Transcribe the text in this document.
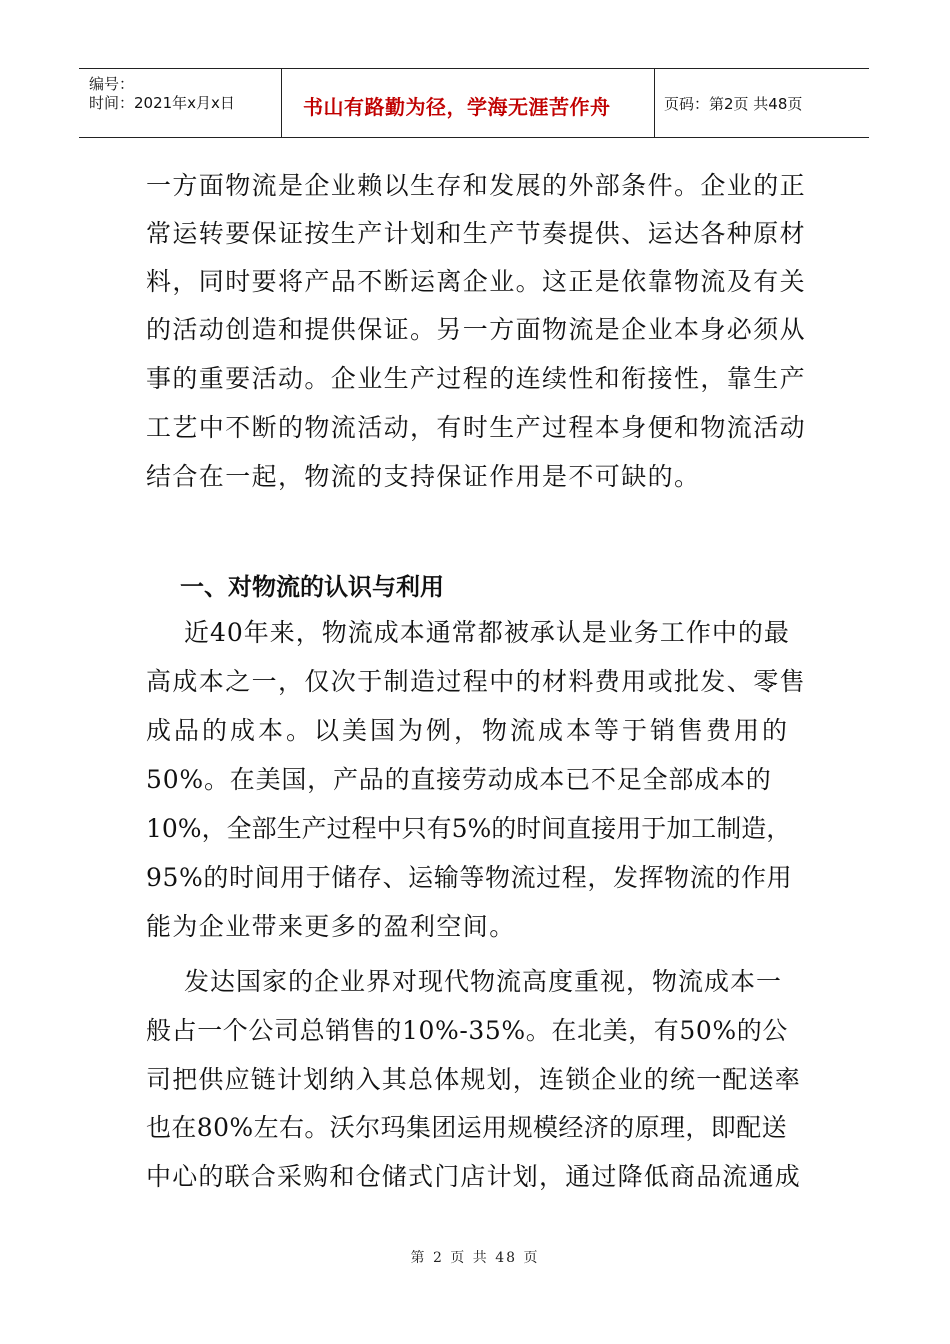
编号：
时间：2021年x月x日	书山有路勤为径，学海无涯苦作舟	页码：第2页 共48页
一方面物流是企业赖以生存和发展的外部条件。企业的正
常运转要保证按生产计划和生产节奏提供、运达各种原材
料，同时要将产品不断运离企业。这正是依靠物流及有关
的活动创造和提供保证。另一方面物流是企业本身必须从
事的重要活动。企业生产过程的连续性和衔接性，靠生产
工艺中不断的物流活动，有时生产过程本身便和物流活动
结合在一起，物流的支持保证作用是不可缺的。
一、对物流的认识与利用
近40年来，物流成本通常都被承认是业务工作中的最
高成本之一，仅次于制造过程中的材料费用或批发、零售
成品的成本。以美国为例，物流成本等于销售费用的
50%。在美国，产品的直接劳动成本已不足全部成本的
10%，全部生产过程中只有5%的时间直接用于加工制造，
95%的时间用于储存、运输等物流过程，发挥物流的作用
能为企业带来更多的盈利空间。
发达国家的企业界对现代物流高度重视，物流成本一
般占一个公司总销售的10%-35%。在北美，有50%的公
司把供应链计划纳入其总体规划，连锁企业的统一配送率
也在80%左右。沃尔玛集团运用规模经济的原理，即配送
中心的联合采购和仓储式门店计划，通过降低商品流通成
第 2 页 共 48 页
